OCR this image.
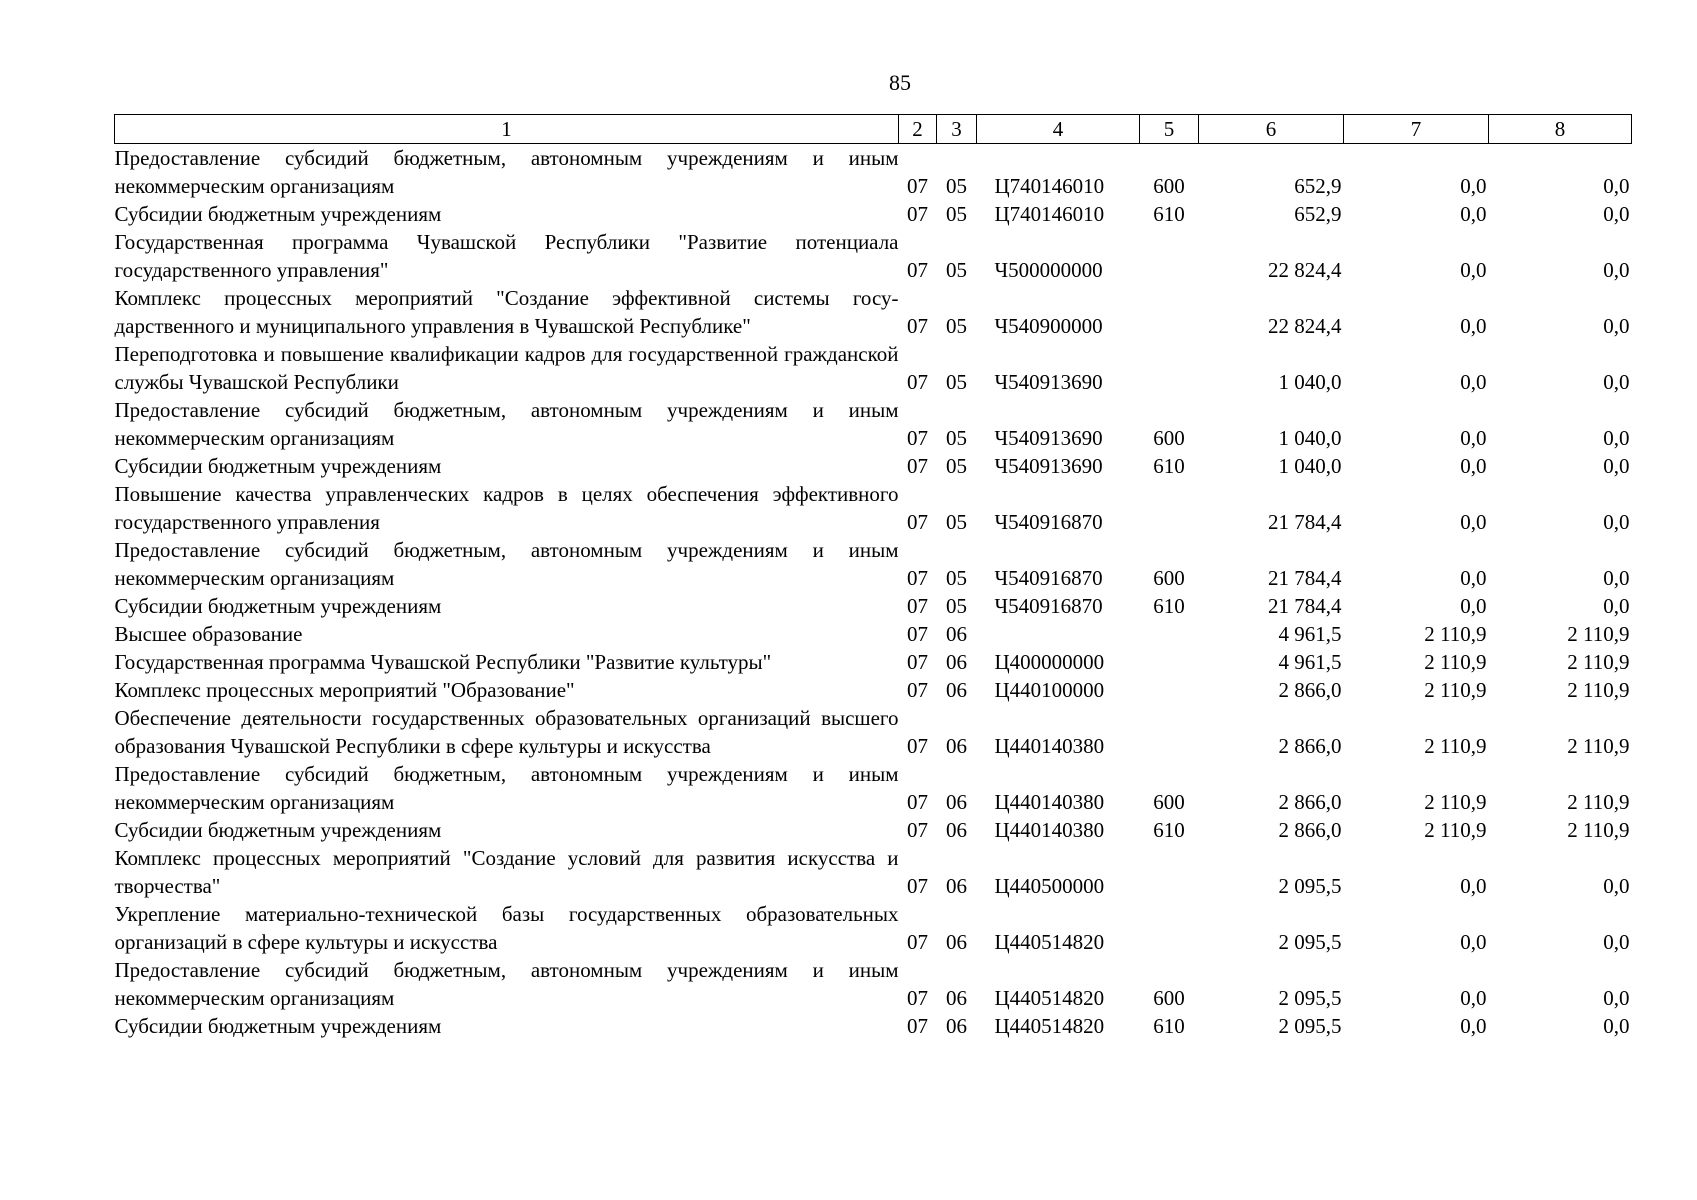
85
1	2	3	4	5	6	7	8
Предоставление субсидий бюджетным, автономным учреждениям и иным некоммерческим организациям	07	05	Ц740146010	600	652,9	0,0	0,0
Субсидии бюджетным учреждениям	07	05	Ц740146010	610	652,9	0,0	0,0
Государственная программа Чувашской Республики "Развитие потенциала государственного управления"	07	05	Ч500000000		22 824,4	0,0	0,0
Комплекс процессных мероприятий "Создание эффективной системы государственного и муниципального управления в Чувашской Республике"	07	05	Ч540900000		22 824,4	0,0	0,0
Переподготовка и повышение квалификации кадров для государственной гражданской службы Чувашской Республики	07	05	Ч540913690		1 040,0	0,0	0,0
Предоставление субсидий бюджетным, автономным учреждениям и иным некоммерческим организациям	07	05	Ч540913690	600	1 040,0	0,0	0,0
Субсидии бюджетным учреждениям	07	05	Ч540913690	610	1 040,0	0,0	0,0
Повышение качества управленческих кадров в целях обеспечения эффективного государственного управления	07	05	Ч540916870		21 784,4	0,0	0,0
Предоставление субсидий бюджетным, автономным учреждениям и иным некоммерческим организациям	07	05	Ч540916870	600	21 784,4	0,0	0,0
Субсидии бюджетным учреждениям	07	05	Ч540916870	610	21 784,4	0,0	0,0
Высшее образование	07	06			4 961,5	2 110,9	2 110,9
Государственная программа Чувашской Республики "Развитие культуры"	07	06	Ц400000000		4 961,5	2 110,9	2 110,9
Комплекс процессных мероприятий "Образование"	07	06	Ц440100000		2 866,0	2 110,9	2 110,9
Обеспечение деятельности государственных образовательных организаций высшего образования Чувашской Республики в сфере культуры и искусства	07	06	Ц440140380		2 866,0	2 110,9	2 110,9
Предоставление субсидий бюджетным, автономным учреждениям и иным некоммерческим организациям	07	06	Ц440140380	600	2 866,0	2 110,9	2 110,9
Субсидии бюджетным учреждениям	07	06	Ц440140380	610	2 866,0	2 110,9	2 110,9
Комплекс процессных мероприятий "Создание условий для развития искусства и творчества"	07	06	Ц440500000		2 095,5	0,0	0,0
Укрепление материально-технической базы государственных образовательных организаций в сфере культуры и искусства	07	06	Ц440514820		2 095,5	0,0	0,0
Предоставление субсидий бюджетным, автономным учреждениям и иным некоммерческим организациям	07	06	Ц440514820	600	2 095,5	0,0	0,0
Субсидии бюджетным учреждениям	07	06	Ц440514820	610	2 095,5	0,0	0,0
